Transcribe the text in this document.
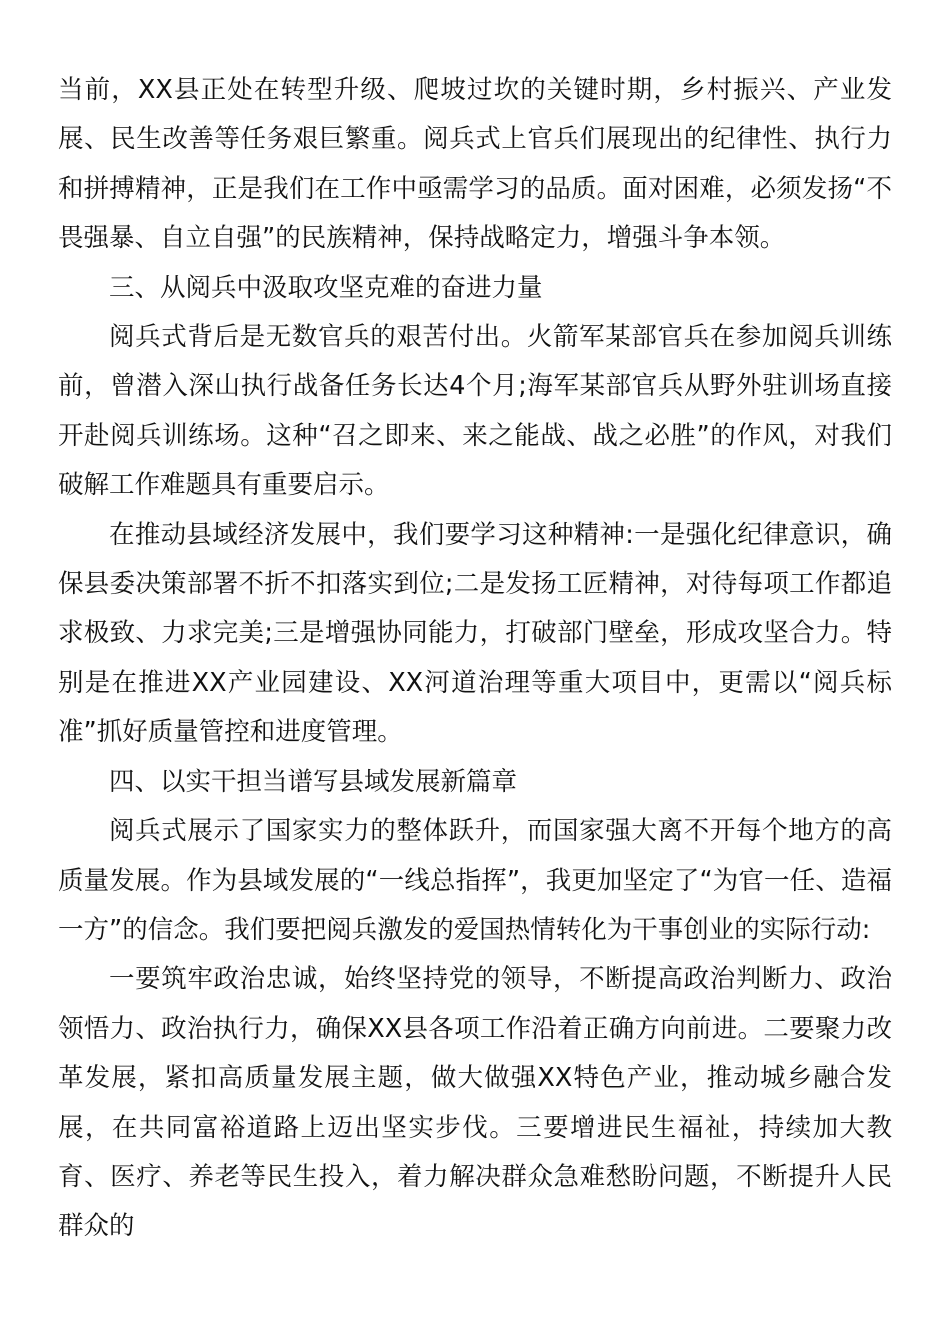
当前，XX县正处在转型升级、爬坡过坎的关键时期，乡村振兴、产业发展、民生改善等任务艰巨繁重。阅兵式上官兵们展现出的纪律性、执行力和拼搏精神，正是我们在工作中亟需学习的品质。面对困难，必须发扬“不畏强暴、自立自强”的民族精神，保持战略定力，增强斗争本领。

三、从阅兵中汲取攻坚克难的奋进力量

阅兵式背后是无数官兵的艰苦付出。火箭军某部官兵在参加阅兵训练前，曾潜入深山执行战备任务长达4个月;海军某部官兵从野外驻训场直接开赴阅兵训练场。这种“召之即来、来之能战、战之必胜”的作风，对我们破解工作难题具有重要启示。

在推动县域经济发展中，我们要学习这种精神:一是强化纪律意识，确保县委决策部署不折不扣落实到位;二是发扬工匠精神，对待每项工作都追求极致、力求完美;三是增强协同能力，打破部门壁垒，形成攻坚合力。特别是在推进XX产业园建设、XX河道治理等重大项目中，更需以“阅兵标准”抓好质量管控和进度管理。

四、以实干担当谱写县域发展新篇章

阅兵式展示了国家实力的整体跃升，而国家强大离不开每个地方的高质量发展。作为县域发展的“一线总指挥”，我更加坚定了“为官一任、造福一方”的信念。我们要把阅兵激发的爱国热情转化为干事创业的实际行动:

一要筑牢政治忠诚，始终坚持党的领导，不断提高政治判断力、政治领悟力、政治执行力，确保XX县各项工作沿着正确方向前进。二要聚力改革发展，紧扣高质量发展主题，做大做强XX特色产业，推动城乡融合发展，在共同富裕道路上迈出坚实步伐。三要增进民生福祉，持续加大教育、医疗、养老等民生投入，着力解决群众急难愁盼问题，不断提升人民群众的
